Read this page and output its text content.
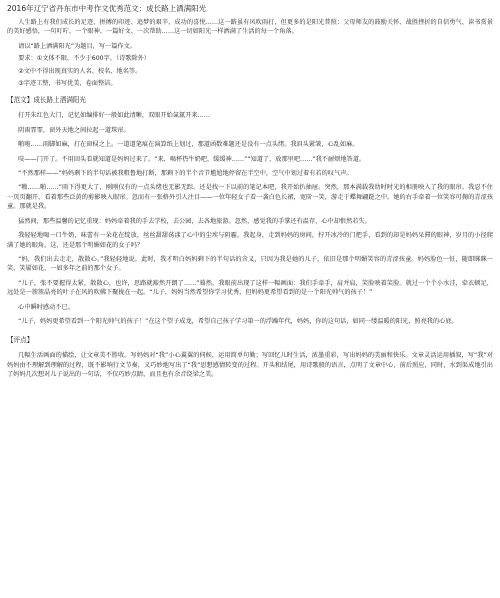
2016年辽宁省丹东市中考作文优秀范文：成长路上洒满阳光

人生路上有我们成长的足迹、拼搏的印迹、追梦的艰辛、成功的喜悦……这一路虽有风吹雨打，但更多的是阳光普照：父母师友的鼓励关怀、战胜挫折的自信勇气、读书赏景的美好感悟，一句叮咛、一个眼神、一篇好文、一次帮助……这一切如阳光一样洒满了生活的每一个角落。

请以“路上洒满阳光”为题目，写一篇作文。

要求：①文体不限，不少于600字。（诗歌除外）

②文中不得出现真实的人名、校名、地名等。

③字迹工整，书写优美，卷面整洁。

【范文】成长路上洒满阳光

打开朱红色大门，记忆如编排好一般如此清晰，双眼开始氤氲开来……

阴雨霏霏，窗外天地之间拉起一道珠帘。

啪啦……雨脚如麻，打在窗棂之上。一道道笔痕在演算纸上划过，那道函数难题还是没有一点头绪。我眉头紧皱，心乱如麻。

吱——门开了。不用回头看就知道是妈妈过来了。“来，喝杯热牛奶吧，缓缓神……”“知道了，放那里吧……”我不耐烦地答道。

“不然那样——”妈妈剩下的半句话被我粗鲁地打断，那剩下的半个音节尴尬地停留在半空中，空气中划过着有若的叹气声。

“啪……啪……”雨下得更大了，刚刚仅有的一点头绪也无影无踪。还是找一下以前的笔记本吧，我开始扒抽屉。突然，那本满载我幼时时光的相册映入了我的眼帘。我忍不住一页页翻开，看着那些泛黄的剪影映入眼帘。忽而有一张格外引人注目——一位年轻女子看一袭白色长裙，宽阶一笑，游走于蝶舞翩跹之中。她的右手牵着一位笑容可掬的青涩孩童。那就是我。

猛然间，那些温馨的记忆重现：妈妈牵着我的手去学校，去公园，去各地旅游。忽然，感觉我的手掌还有温存，心中却恨然若失。

我轻轻地喝一口牛奶，味蕾有一朵花在绽放，丝丝甜甜荡漾了心中的尘埃与阴霾。我起身，走到妈妈的房间，拧开冰冷的门把手，看到的却是妈妈呆滞的眼神，岁月的小径爬满了她的眼角。这，还是那个明媚如花的女子吗？

“妈，我们出去走走，散散心。”我轻轻地说。此时，我才明白妈妈剩下的半句话的含义，只因为我是她的儿子，依旧是那个明媚笑容的青涩孩童。妈妈脸色一怔，随即眯眯一笑，笑靥如花，一如多年之前的那个女子。

“儿子，张不要握得太紧，散散心，也许，思路就豁然开朗了……”蓦然，我眼前出现了这样一幅画面：我们手牵手，肩并肩，笑脸映着笑脸。就过一个个小水洼，牵衣顿足，远处是一簇簇晶亮的叶子在风的吹拂下聚拢在一起。“儿子，妈妈当然希望你学习优秀，但妈妈更希望看到的是一个阳光帅气的孩子！”

心中瞬时感动不已。

“儿子，妈妈更希望看到一个阳光帅气的孩子！”在这个望子成龙，希望自己孩子学习第一的浮躁年代，妈妈，你的这句话，如同一缕温暖的阳光，照亮我的心底。

【评点】

几幅生活画面的描绘，让文章美不胜收。写妈妈对“我”小心翼翼的伺候，运用简单句勤；写回忆儿时生活，浓墨重彩，写出妈妈的美丽和快乐。文章灵活运用插叙，写“我”对妈妈由不理解到理解的过程，既不影响行文节奏，又巧妙地写出了“我”思想感情转变的过程。开头和结尾，用诗歌般的语言，点明了文章中心，前后照应，同时，水到渠成地引出了妈妈几次想对儿子说出的一句话，不仅巧妙点睛，而且也有余音绕梁之美。
